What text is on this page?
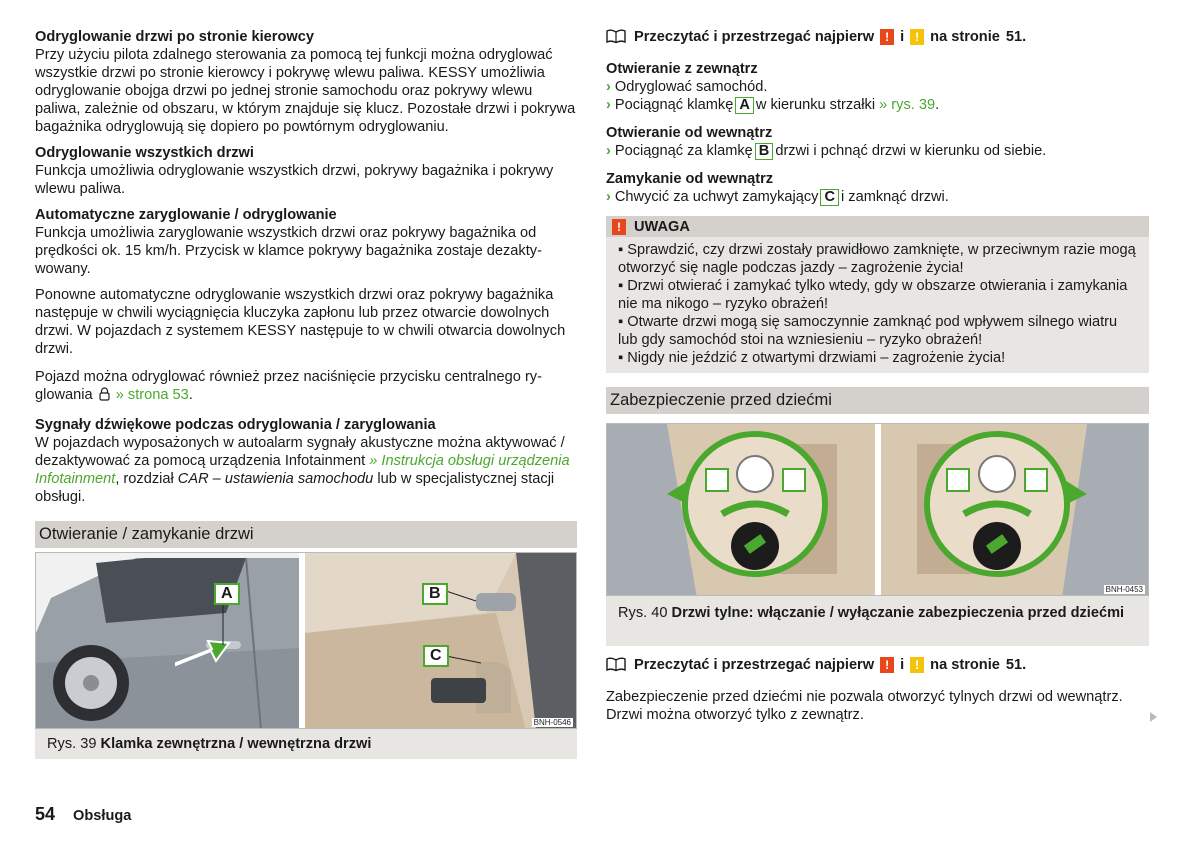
Odryglowanie drzwi po stronie kierowcy
Przy użyciu pilota zdalnego sterowania za pomocą tej funkcji można odryglować wszystkie drzwi po stronie kierowcy i pokrywę wlewu paliwa. KESSY umożliwia odryglowanie obojga drzwi po jednej stronie samochodu oraz pokrywy wlewu paliwa, zależnie od obszaru, w którym znajduje się klucz. Pozostałe drzwi i pokrywa bagażnika odryglowują się dopiero po powtórnym odryglowaniu.
Odryglowanie wszystkich drzwi
Funkcja umożliwia odryglowanie wszystkich drzwi, pokrywy bagażnika i pokrywy wlewu paliwa.
Automatyczne zaryglowanie / odryglowanie
Funkcja umożliwia zaryglowanie wszystkich drzwi oraz pokrywy bagażnika od prędkości ok. 15 km/h. Przycisk w klamce pokrywy bagażnika zostaje dezaktywowany.
Ponowne automatyczne odryglowanie wszystkich drzwi oraz pokrywy bagażnika następuje w chwili wyciągnięcia kluczyka zapłonu lub przez otwarcie dowolnych drzwi. W pojazdach z systemem KESSY następuje to w chwili otwarcia dowolnych drzwi.
Pojazd można odryglować również przez naciśnięcie przycisku centralnego ryglowania » strona 53.
Sygnały dźwiękowe podczas odryglowania / zaryglowania
W pojazdach wyposażonych w autoalarm sygnały akustyczne można aktywować / dezaktywować za pomocą urządzenia Infotainment » Instrukcja obsługi urządzenia Infotainment, rozdział CAR – ustawienia samochodu lub w specjalistycznej stacji obsługi.
Otwieranie / zamykanie drzwi
A	B
C
BNH-0546
Rys. 39 Klamka zewnętrzna / wewnętrzna drzwi
Przeczytać i przestrzegać najpierw ! i ! na stronie 51.
Otwieranie z zewnątrz
› Odryglować samochód.
› Pociągnąć klamkę A w kierunku strzałki » rys. 39.
Otwieranie od wewnątrz
› Pociągnąć za klamkę B drzwi i pchnąć drzwi w kierunku od siebie.
Zamykanie od wewnątrz
› Chwycić za uchwyt zamykający C i zamknąć drzwi.
! UWAGA
▪ Sprawdzić, czy drzwi zostały prawidłowo zamknięte, w przeciwnym razie mogą otworzyć się nagle podczas jazdy – zagrożenie życia!
▪ Drzwi otwierać i zamykać tylko wtedy, gdy w obszarze otwierania i zamykania nie ma nikogo – ryzyko obrażeń!
▪ Otwarte drzwi mogą się samoczynnie zamknąć pod wpływem silnego wiatru lub gdy samochód stoi na wzniesieniu – ryzyko obrażeń!
▪ Nigdy nie jeździć z otwartymi drzwiami – zagrożenie życia!
Zabezpieczenie przed dziećmi
BNH-0453
Rys. 40 Drzwi tylne: włączanie / wyłączanie zabezpieczenia przed dziećmi
Przeczytać i przestrzegać najpierw ! i ! na stronie 51.
Zabezpieczenie przed dziećmi nie pozwala otworzyć tylnych drzwi od wewnątrz. Drzwi można otworzyć tylko z zewnątrz.
54 Obsługa
